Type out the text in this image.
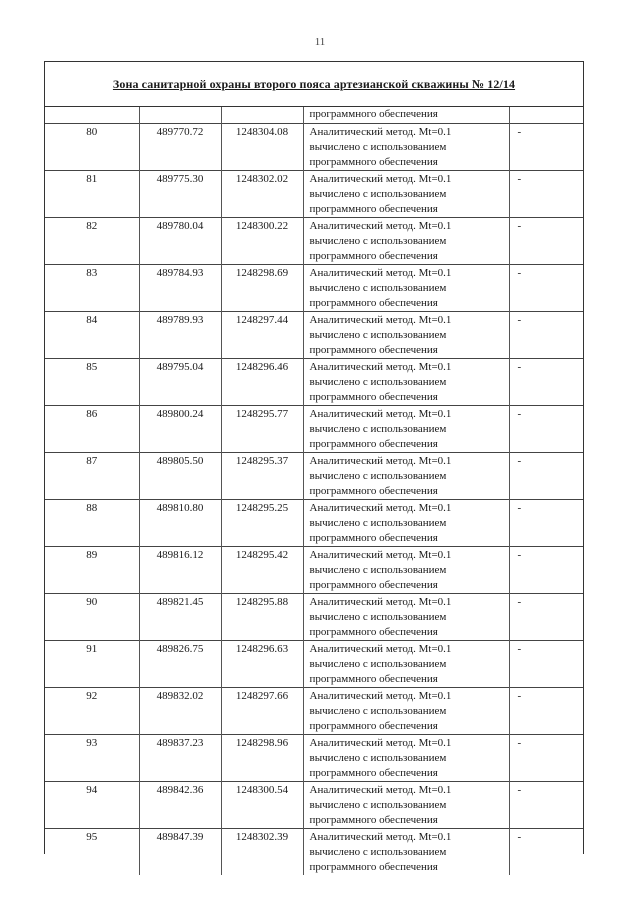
11
Зона санитарной охраны второго пояса артезианской скважины № 12/14
			программного обеспечения	
80	489770.72	1248304.08	Аналитический метод. Mt=0.1
вычислено с использованием
программного обеспечения	-
81	489775.30	1248302.02	Аналитический метод. Mt=0.1
вычислено с использованием
программного обеспечения	-
82	489780.04	1248300.22	Аналитический метод. Mt=0.1
вычислено с использованием
программного обеспечения	-
83	489784.93	1248298.69	Аналитический метод. Mt=0.1
вычислено с использованием
программного обеспечения	-
84	489789.93	1248297.44	Аналитический метод. Mt=0.1
вычислено с использованием
программного обеспечения	-
85	489795.04	1248296.46	Аналитический метод. Mt=0.1
вычислено с использованием
программного обеспечения	-
86	489800.24	1248295.77	Аналитический метод. Mt=0.1
вычислено с использованием
программного обеспечения	-
87	489805.50	1248295.37	Аналитический метод. Mt=0.1
вычислено с использованием
программного обеспечения	-
88	489810.80	1248295.25	Аналитический метод. Mt=0.1
вычислено с использованием
программного обеспечения	-
89	489816.12	1248295.42	Аналитический метод. Mt=0.1
вычислено с использованием
программного обеспечения	-
90	489821.45	1248295.88	Аналитический метод. Mt=0.1
вычислено с использованием
программного обеспечения	-
91	489826.75	1248296.63	Аналитический метод. Mt=0.1
вычислено с использованием
программного обеспечения	-
92	489832.02	1248297.66	Аналитический метод. Mt=0.1
вычислено с использованием
программного обеспечения	-
93	489837.23	1248298.96	Аналитический метод. Mt=0.1
вычислено с использованием
программного обеспечения	-
94	489842.36	1248300.54	Аналитический метод. Mt=0.1
вычислено с использованием
программного обеспечения	-
95	489847.39	1248302.39	Аналитический метод. Mt=0.1
вычислено с использованием
программного обеспечения	-
